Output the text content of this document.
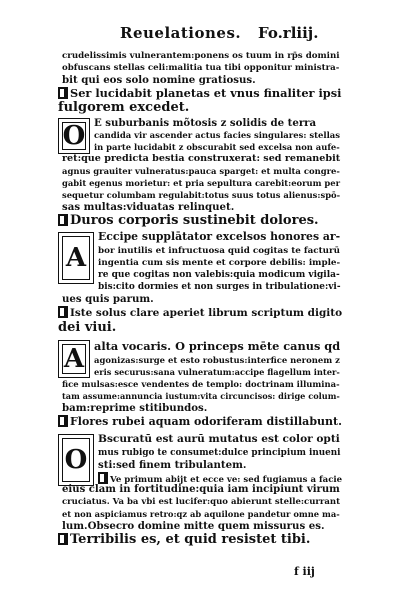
Reuelationes. Fo.rliij.
crudelissimis vulnerantem:ponens os tuum in rp̄s domini
obfuscans stellas celi:malitia tua tibi opponitur ministra-
bit qui eos solo nomine gratiosus.
Ser lucidabit planetas et vnus finaliter ipsi
fulgorem excedet.
O E suburbanis mõtosis z solidis de terra
candida vir ascender actus facies singulares: stellas
in parte lucidabit z obscurabit sed excelsa non aufe-
ret:que predicta bestia construxerat: sed remanebit
agnus grauiter vulneratus:pauca sparget: et multa congre-
gabit egenus morietur: et pria sepultura carebit:eorum per
sequetur columbam regulabit:totus suus totus alienus:spō-
sas multas:viduatas relinquet.
Duros corporis sustinebit dolores.
A
Eccipe supplātator excelsos honores ar-
bor inutilis et infructuosa quid cogitas te facturū
ingentia cum sis mente et corpore debilis: imple-
re que cogitas non valebis:quia modicum vigila-
bis:cito dormies et non surges in tribulatione:vi-
ues quis parum.
Iste solus clare aperiet librum scriptum digito
dei viui.
A alta vocaris. O princeps mēte canus qd
agonizas:surge et esto robustus:interfice neronem z
eris securus:sana vulneratum:accipe flagellum inter-
fice mulsas:esce vendentes de templo: doctrinam illumina-
tam assume:annuncia iustum:vita circuncisos: dirige colum-
bam:reprime stitibundos.
Flores rubei aquam odoriferam distillabunt.
O
Bscuratū est aurū mutatus est color opti
mus rubigo te consumet:dulce principium inueni
sti:sed finem tribulantem.
Ve primum abijt et ecce ve: sed fugiamus a facie
eius clam in fortitudine:quia iam incipiunt virum
cruciatus. Va ba vbi est lucifer:quo abierunt stelle:currant
et non aspiciamus retro:qz ab aquilone pandetur omne ma-
lum.Obsecro domine mitte quem missurus es.
Terribilis es, et quid resistet tibi.
f iij
